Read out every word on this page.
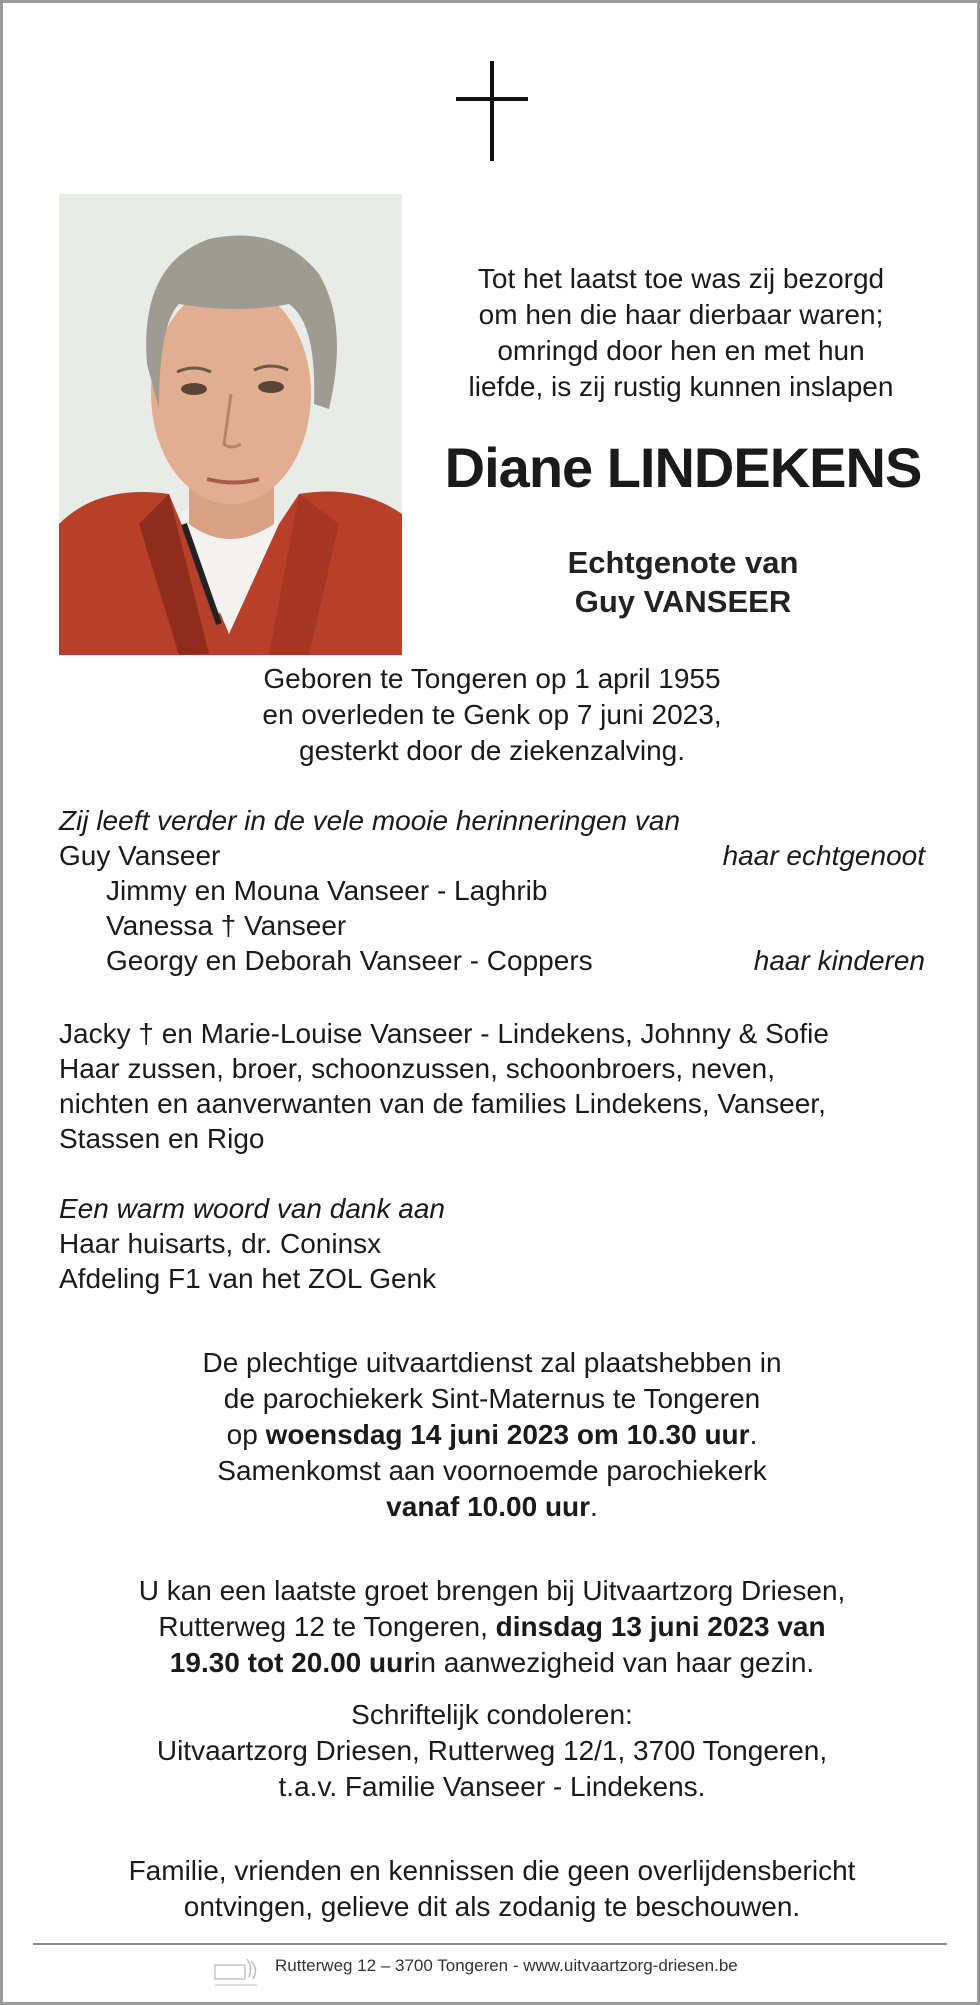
Tot het laatst toe was zij bezorgd
om hen die haar dierbaar waren;
omringd door hen en met hun
liefde, is zij rustig kunnen inslapen
Diane LINDEKENS
Echtgenote van
Guy VANSEER
Geboren te Tongeren op 1 april 1955
en overleden te Genk op 7 juni 2023,
gesterkt door de ziekenzalving.
Zij leeft verder in de vele mooie herinneringen van
Guy Vanseer	haar echtgenoot
Jimmy en Mouna Vanseer - Laghrib
Vanessa † Vanseer
Georgy en Deborah Vanseer - Coppers	haar kinderen
Jacky † en Marie-Louise Vanseer - Lindekens, Johnny & Sofie
Haar zussen, broer, schoonzussen, schoonbroers, neven,
nichten en aanverwanten van de families Lindekens, Vanseer,
Stassen en Rigo
Een warm woord van dank aan
Haar huisarts, dr. Coninsx
Afdeling F1 van het ZOL Genk
De plechtige uitvaartdienst zal plaatshebben in
de parochiekerk Sint-Maternus te Tongeren
op woensdag 14 juni 2023 om 10.30 uur.
Samenkomst aan voornoemde parochiekerk
vanaf 10.00 uur.
U kan een laatste groet brengen bij Uitvaartzorg Driesen,
Rutterweg 12 te Tongeren, dinsdag 13 juni 2023 van
19.30 tot 20.00 uurin aanwezigheid van haar gezin.
Schriftelijk condoleren:
Uitvaartzorg Driesen, Rutterweg 12/1, 3700 Tongeren,
t.a.v. Familie Vanseer - Lindekens.
Familie, vrienden en kennissen die geen overlijdensbericht
ontvingen, gelieve dit als zodanig te beschouwen.
Rutterweg 12 – 3700 Tongeren - www.uitvaartzorg-driesen.be
